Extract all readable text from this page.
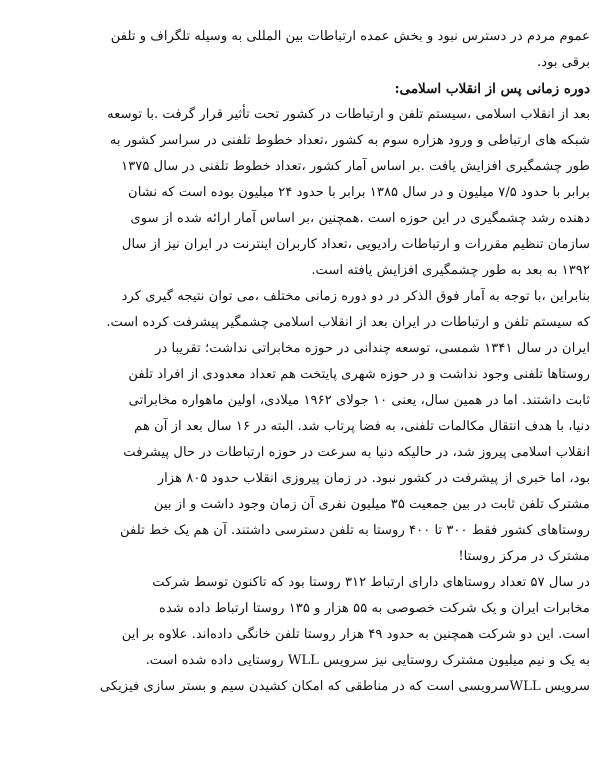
عموم مردم در دسترس نبود و بخش عمده ارتباطات بین المللی به وسیله تلگراف و تلفن
برقی بود.
دوره زمانی پس از انقلاب اسلامی:
بعد از انقلاب اسلامی ،سیستم تلفن و ارتباطات در کشور تحت تأثیر قرار گرفت .با توسعه
شبکه های ارتباطی و ورود هزاره سوم به کشور ،تعداد خطوط تلفنی در سراسر کشور به
طور چشمگیری افزایش یافت .بر اساس آمار کشور ،تعداد خطوط تلفنی در سال ۱۳۷۵
برابر با حدود ۷/۵ میلیون و در سال ۱۳۸۵ برابر با حدود ۲۴ میلیون بوده است که نشان
دهنده رشد چشمگیری در این حوزه است .همچنین ،بر اساس آمار ارائه شده از سوی
سازمان تنظیم مقررات و ارتباطات رادیویی ،تعداد کاربران اینترنت در ایران نیز از سال
۱۳۹۲ به بعد به طور چشمگیری افزایش یافته است.
بنابراین ،با توجه به آمار فوق الذکر در دو دوره زمانی مختلف ،می توان نتیجه گیری کرد
که سیستم تلفن و ارتباطات در ایران بعد از انقلاب اسلامی چشمگیر پیشرفت کرده است.
ایران در سال ۱۳۴۱ شمسی، توسعه چندانی در حوزه مخابراتی نداشت؛ تقریبا در
روستاها تلفنی وجود نداشت و در حوزه شهری پایتخت هم تعداد معدودی از افراد تلفن
ثابت داشتند. اما در همین سال، یعنی ۱۰ جولای ۱۹۶۲ میلادی، اولین ماهواره مخابراتی
دنیا، با هدف انتقال مکالمات تلفنی، به فضا پرتاب شد. البته در ۱۶ سال بعد از آن هم
انقلاب اسلامی پیروز شد، در حالیکه دنیا به سرعت در حوزه ارتباطات در حال پیشرفت
بود، اما خبری از پیشرفت در کشور نبود. در زمان پیروزی انقلاب حدود ۸۰۵ هزار
مشترک تلفن ثابت در بین جمعیت ۳۵ میلیون نفری آن زمان وجود داشت و از بین
روستاهای کشور فقط ۳۰۰ تا ۴۰۰ روستا به تلفن دسترسی داشتند. آن هم یک خط تلفن
مشترک در مرکز روستا!
در سال ۵۷ تعداد روستاهای دارای ارتباط ۳۱۲ روستا بود که تاکنون توسط شرکت
مخابرات ایران و یک شرکت خصوصی به ۵۵ هزار و ۱۳۵ روستا ارتباط داده شده
است. این دو شرکت همچنین به حدود ۴۹ هزار روستا تلفن خانگی داده‌اند. علاوه بر این
به یک و نیم میلیون مشترک روستایی نیز سرویس WLL روستایی داده شده است.
سرویس WLLسرویسی است که در مناطقی که امکان کشیدن سیم و بستر سازی فیزیکی
